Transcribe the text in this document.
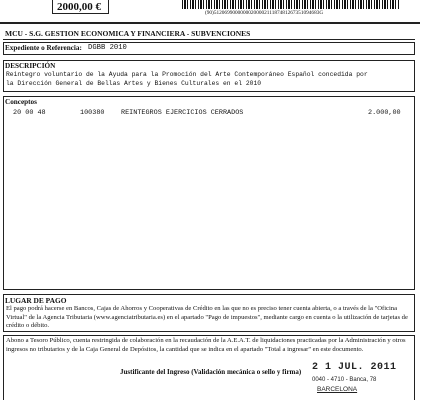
2000,00 €	(90)5120699000000020000211187481267351094683G
MCU - S.G. GESTION ECONOMICA Y FINANCIERA - SUBVENCIONES
Expediente o Referencia: DGBB 2010
DESCRIPCIÓN
Reintegro voluntario de la Ayuda para la Promoción del Arte Contemporáneo Español concedida por
la Dirección General de Bellas Artes y Bienes Culturales en el 2010
Conceptos
20 00 48	100380 REINTEGROS EJERCICIOS CERRADOS	2.000,00
LUGAR DE PAGO
El pago podrá hacerse en Bancos, Cajas de Ahorros y Cooperativas de Crédito en las que no es preciso tener cuenta abierta, o a través de la "Oficina Virtual" de la Agencia Tributaria (www.agenciatributaria.es) en el apartado "Pago de impuestos", mediante cargo en cuenta o la utilización de tarjetas de crédito o débito.
Abono a Tesoro Público, cuenta restringida de colaboración en la recaudación de la A.E.A.T. de liquidaciones practicadas por la Administración y otros ingresos no tributarios y de la Caja General de Depósitos, la cantidad que se indica en el apartado "Total a ingresar" en este documento.
Justificante del Ingreso (Validación mecánica o sello y firma) 2 1 JUL. 2011
0040 - 4710 - Banca, 78
BARCELONA
